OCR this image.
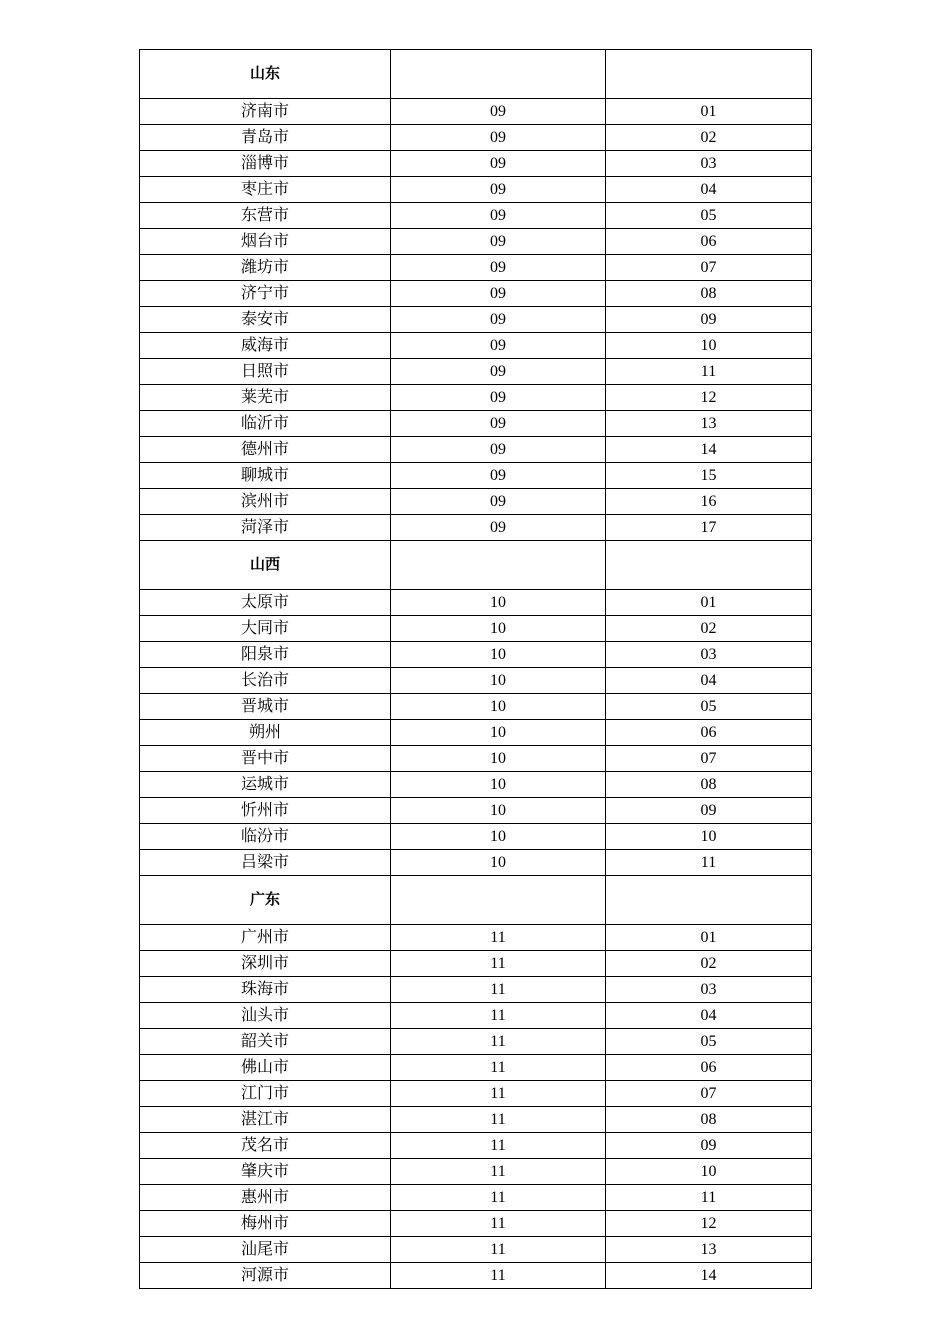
山东		
济南市	09	01
青岛市	09	02
淄博市	09	03
枣庄市	09	04
东营市	09	05
烟台市	09	06
潍坊市	09	07
济宁市	09	08
泰安市	09	09
威海市	09	10
日照市	09	11
莱芜市	09	12
临沂市	09	13
德州市	09	14
聊城市	09	15
滨州市	09	16
菏泽市	09	17
山西		
太原市	10	01
大同市	10	02
阳泉市	10	03
长治市	10	04
晋城市	10	05
朔州	10	06
晋中市	10	07
运城市	10	08
忻州市	10	09
临汾市	10	10
吕梁市	10	11
广东		
广州市	11	01
深圳市	11	02
珠海市	11	03
汕头市	11	04
韶关市	11	05
佛山市	11	06
江门市	11	07
湛江市	11	08
茂名市	11	09
肇庆市	11	10
惠州市	11	11
梅州市	11	12
汕尾市	11	13
河源市	11	14
